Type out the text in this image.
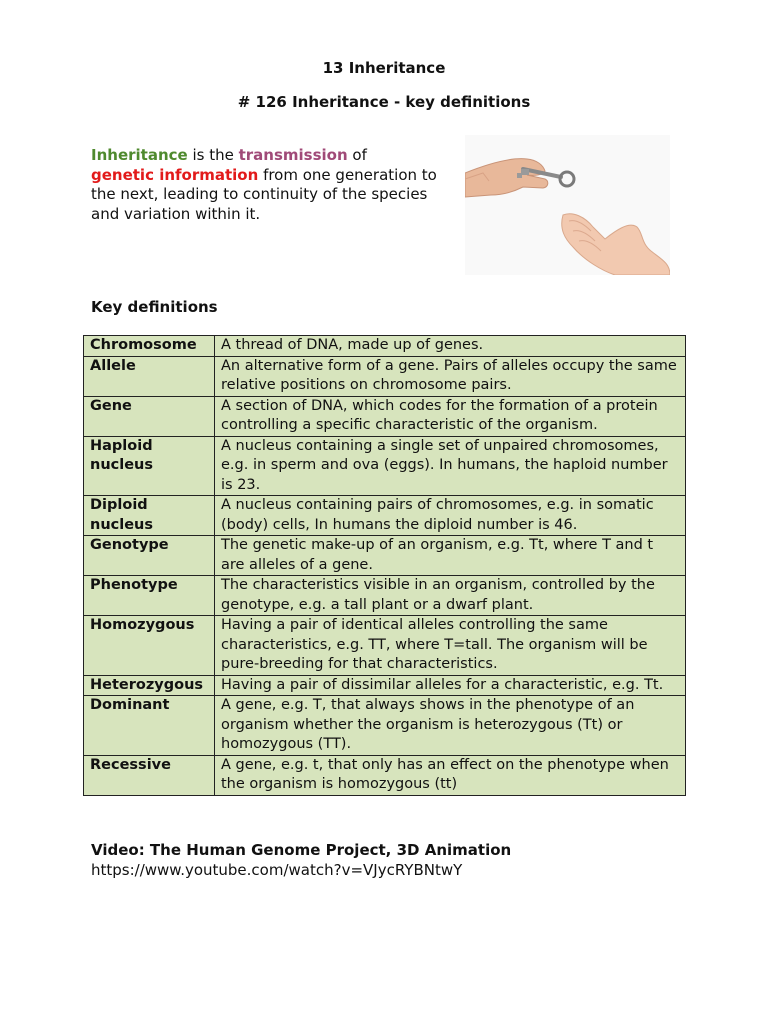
13 Inheritance
# 126 Inheritance - key definitions

Inheritance is the transmission of
genetic information from one generation to the next, leading to continuity of the species and variation within it.

Key definitions
Chromosome	A thread of DNA, made up of genes.
Allele	An alternative form of a gene. Pairs of alleles occupy the same relative positions on chromosome pairs.
Gene	A section of DNA, which codes for the formation of a protein controlling a specific characteristic of the organism.
Haploid nucleus	A nucleus containing a single set of unpaired chromosomes, e.g. in sperm and ova (eggs). In humans, the haploid number is 23.
Diploid nucleus	A nucleus containing pairs of chromosomes, e.g. in somatic (body) cells, In humans the diploid number is 46.
Genotype	The genetic make-up of an organism, e.g. Tt, where T and t are alleles of a gene.
Phenotype	The characteristics visible in an organism, controlled by the genotype, e.g. a tall plant or a dwarf plant.
Homozygous	Having a pair of identical alleles controlling the same characteristics, e.g. TT, where T=tall. The organism will be pure-breeding for that characteristics.
Heterozygous	Having a pair of dissimilar alleles for a characteristic, e.g. Tt.
Dominant	A gene, e.g. T, that always shows in the phenotype of an organism whether the organism is heterozygous (Tt) or homozygous (TT).
Recessive	A gene, e.g. t, that only has an effect on the phenotype when the organism is homozygous (tt)

Video: The Human Genome Project, 3D Animation
https://www.youtube.com/watch?v=VJycRYBNtwY
